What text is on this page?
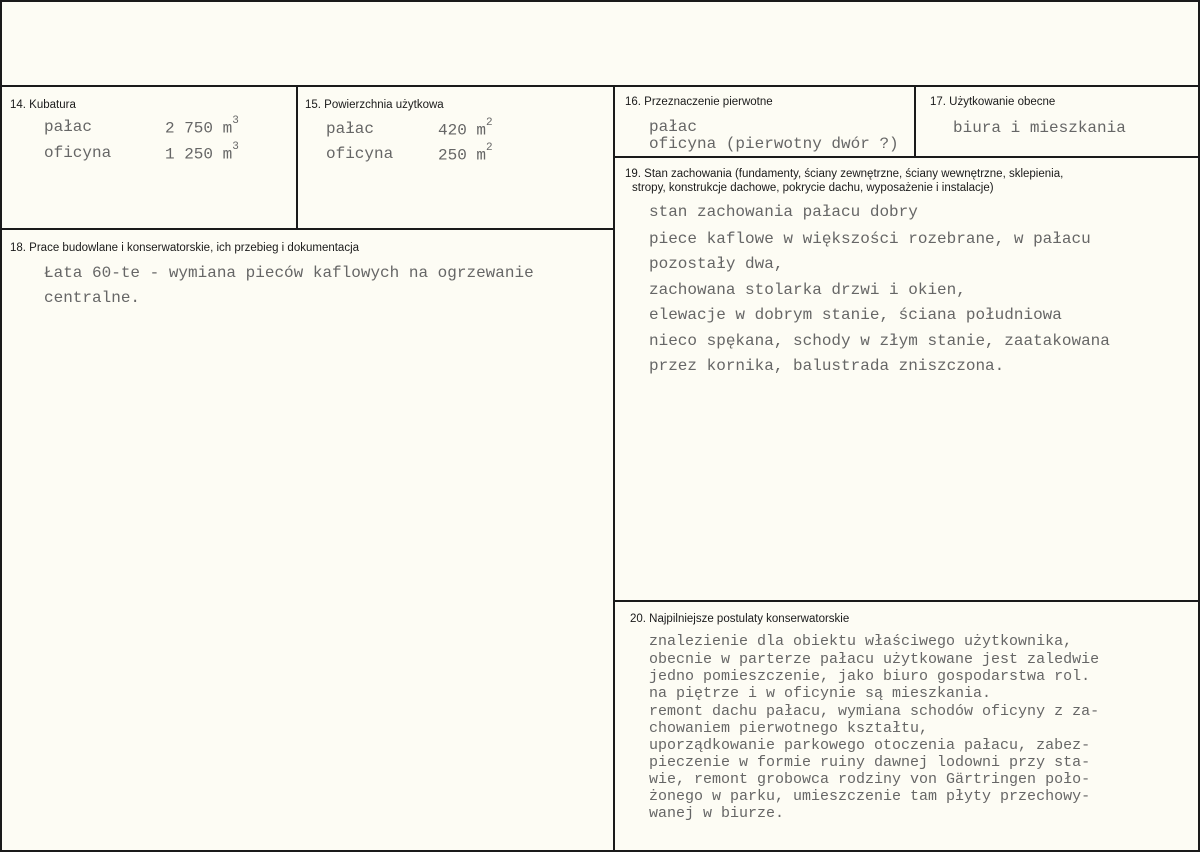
14. Kubatura
pałac	2 750 $m^3$
oficyna	1 250 $m^3$
15. Powierzchnia użytkowa
pałac	420 $m^2$
oficyna	250 $m^2$
16. Przeznaczenie pierwotne
pałac
oficyna (pierwotny dwór ?)
17. Użytkowanie obecne
biura i mieszkania
18. Prace budowlane i konserwatorskie, ich przebieg i dokumentacja
Łata 60-te - wymiana pieców kaflowych na ogrzewanie
centralne.
19. Stan zachowania (fundamenty, ściany zewnętrzne, ściany wewnętrzne, sklepienia,
stropy, konstrukcje dachowe, pokrycie dachu, wyposażenie i instalacje)
stan zachowania pałacu dobry
piece kaflowe w większości rozebrane, w pałacu
pozostały dwa,
zachowana stolarka drzwi i okien,
elewacje w dobrym stanie, ściana południowa
nieco spękana, schody w złym stanie, zaatakowana
przez kornika, balustrada zniszczona.
20. Najpilniejsze postulaty konserwatorskie
znalezienie dla obiektu właściwego użytkownika,
obecnie w parterze pałacu użytkowane jest zaledwie
jedno pomieszczenie, jako biuro gospodarstwa rol.
na piętrze i w oficynie są mieszkania.
remont dachu pałacu, wymiana schodów oficyny z za-
chowaniem pierwotnego kształtu,
uporządkowanie parkowego otoczenia pałacu, zabez-
pieczenie w formie ruiny dawnej lodowni przy sta-
wie, remont grobowca rodziny von Gärtringen poło-
żonego w parku, umieszczenie tam płyty przechowy-
wanej w biurze.
